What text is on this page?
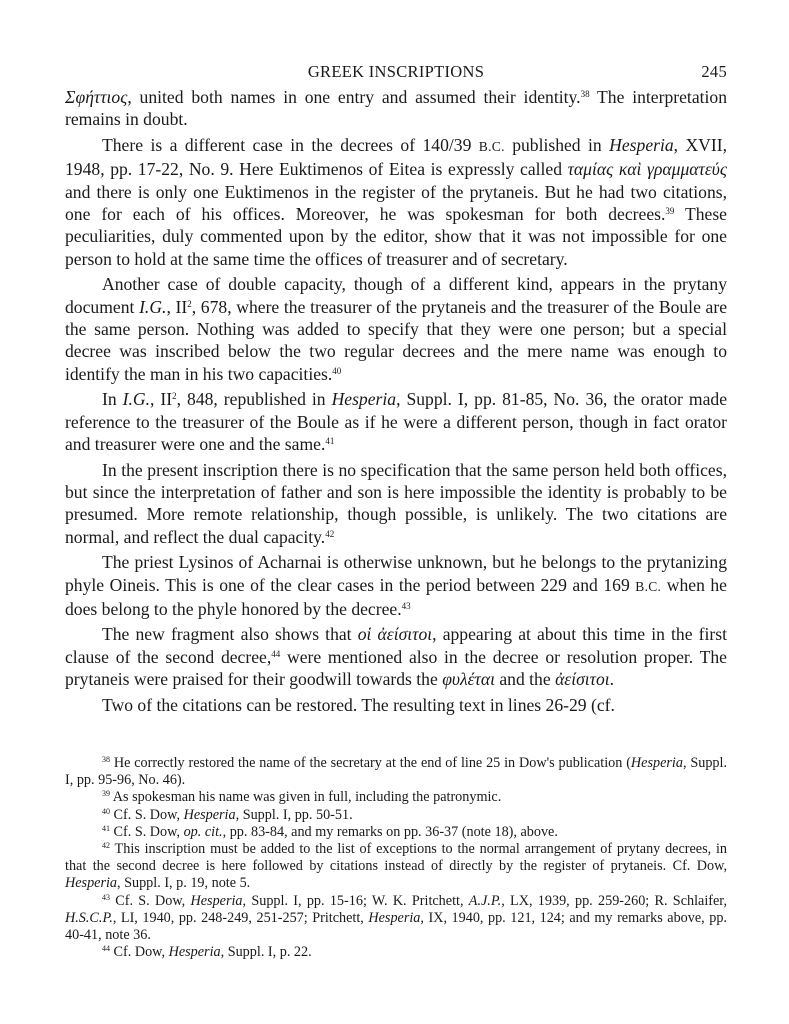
GREEK INSCRIPTIONS	245

Σφήττιος, united both names in one entry and assumed their identity.$^{38}$ The interpretation remains in doubt.

There is a different case in the decrees of 140/39 B.C. published in Hesperia, XVII, 1948, pp. 17-22, No. 9. Here Euktimenos of Eitea is expressly called ταμίας καὶ γραμματεύς and there is only one Euktimenos in the register of the prytaneis. But he had two citations, one for each of his offices. Moreover, he was spokesman for both decrees.$^{39}$ These peculiarities, duly commented upon by the editor, show that it was not impossible for one person to hold at the same time the offices of treasurer and of secretary.

Another case of double capacity, though of a different kind, appears in the prytany document I.G., II$^2$, 678, where the treasurer of the prytaneis and the treasurer of the Boule are the same person. Nothing was added to specify that they were one person; but a special decree was inscribed below the two regular decrees and the mere name was enough to identify the man in his two capacities.$^{40}$

In I.G., II$^2$, 848, republished in Hesperia, Suppl. I, pp. 81-85, No. 36, the orator made reference to the treasurer of the Boule as if he were a different person, though in fact orator and treasurer were one and the same.$^{41}$

In the present inscription there is no specification that the same person held both offices, but since the interpretation of father and son is here impossible the identity is probably to be presumed. More remote relationship, though possible, is unlikely. The two citations are normal, and reflect the dual capacity.$^{42}$

The priest Lysinos of Acharnai is otherwise unknown, but he belongs to the prytanizing phyle Oineis. This is one of the clear cases in the period between 229 and 169 B.C. when he does belong to the phyle honored by the decree.$^{43}$

The new fragment also shows that οἱ ἀείσιτοι, appearing at about this time in the first clause of the second decree,$^{44}$ were mentioned also in the decree or resolution proper. The prytaneis were praised for their goodwill towards the φυλέται and the ἀείσιτοι.

Two of the citations can be restored. The resulting text in lines 26-29 (cf.

$^{38}$ He correctly restored the name of the secretary at the end of line 25 in Dow's publication (Hesperia, Suppl. I, pp. 95-96, No. 46).

$^{39}$ As spokesman his name was given in full, including the patronymic.

$^{40}$ Cf. S. Dow, Hesperia, Suppl. I, pp. 50-51.

$^{41}$ Cf. S. Dow, op. cit., pp. 83-84, and my remarks on pp. 36-37 (note 18), above.

$^{42}$ This inscription must be added to the list of exceptions to the normal arrangement of prytany decrees, in that the second decree is here followed by citations instead of directly by the register of prytaneis. Cf. Dow, Hesperia, Suppl. I, p. 19, note 5.

$^{43}$ Cf. S. Dow, Hesperia, Suppl. I, pp. 15-16; W. K. Pritchett, A.J.P., LX, 1939, pp. 259-260; R. Schlaifer, H.S.C.P., LI, 1940, pp. 248-249, 251-257; Pritchett, Hesperia, IX, 1940, pp. 121, 124; and my remarks above, pp. 40-41, note 36.

$^{44}$ Cf. Dow, Hesperia, Suppl. I, p. 22.
